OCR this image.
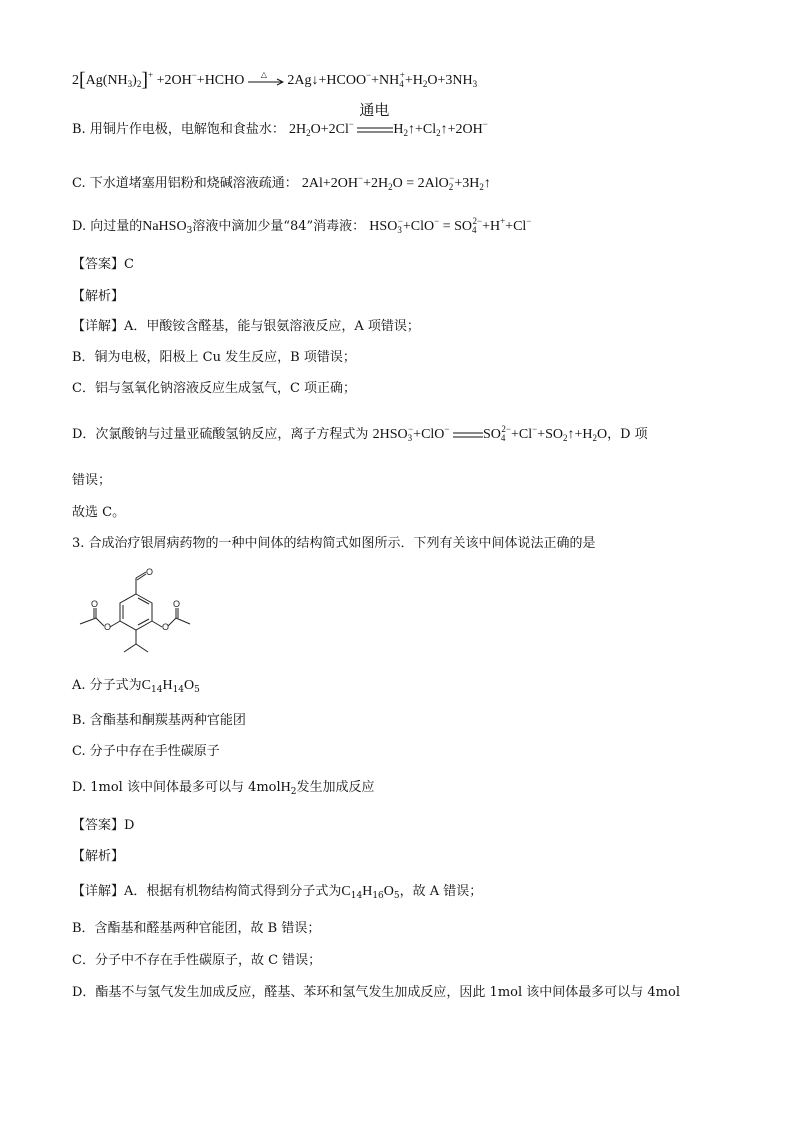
$2[Ag(NH_3)_2]^+$ +2OH−+HCHO △ $2Ag↓+HCOO^-+NH_4^++H_2O+3NH_3$
B. 用铜片作电极，电解饱和食盐水： $2H_2O+2Cl^-$
通电
$H_2↑+Cl_2↑+2OH^-$
C. 下水道堵塞用铝粉和烧碱溶液疏通： $2Al+2OH^-+2H_2O$ = $2AlO_2^-+3H_2↑$
D. 向过量的NaHSO$_3$溶液中滴加少量“84”消毒液： $HSO_3^-+ClO^- = SO_4^{2-}+H^++Cl^-$
【答案】C
【解析】
【详解】A．甲酸铵含醛基，能与银氨溶液反应，A 项错误；
B．铜为电极，阳极上 Cu 发生反应，B 项错误；
C．铝与氢氧化钠溶液反应生成氢气，C 项正确；
D．次氯酸钠与过量亚硫酸氢钠反应，离子方程式为 $2HSO_3^-+ClO^-$ $SO_4^{2-}+Cl^-+SO_2↑+H_2O$，D 项
错误；
故选 C。
3. 合成治疗银屑病药物的一种中间体的结构简式如图所示．下列有关该中间体说法正确的是
O
O
O
O
O
A. 分子式为$C_{14}H_{14}O_5$
B. 含酯基和酮羰基两种官能团
C. 分子中存在手性碳原子
D. 1mol 该中间体最多可以与 4molH$_2$发生加成反应
【答案】D
【解析】
【详解】A．根据有机物结构简式得到分子式为$C_{14}H_{16}O_5$，故 A 错误；
B．含酯基和醛基两种官能团，故 B 错误；
C．分子中不存在手性碳原子，故 C 错误；
D．酯基不与氢气发生加成反应，醛基、苯环和氢气发生加成反应，因此 1mol 该中间体最多可以与 4mol
